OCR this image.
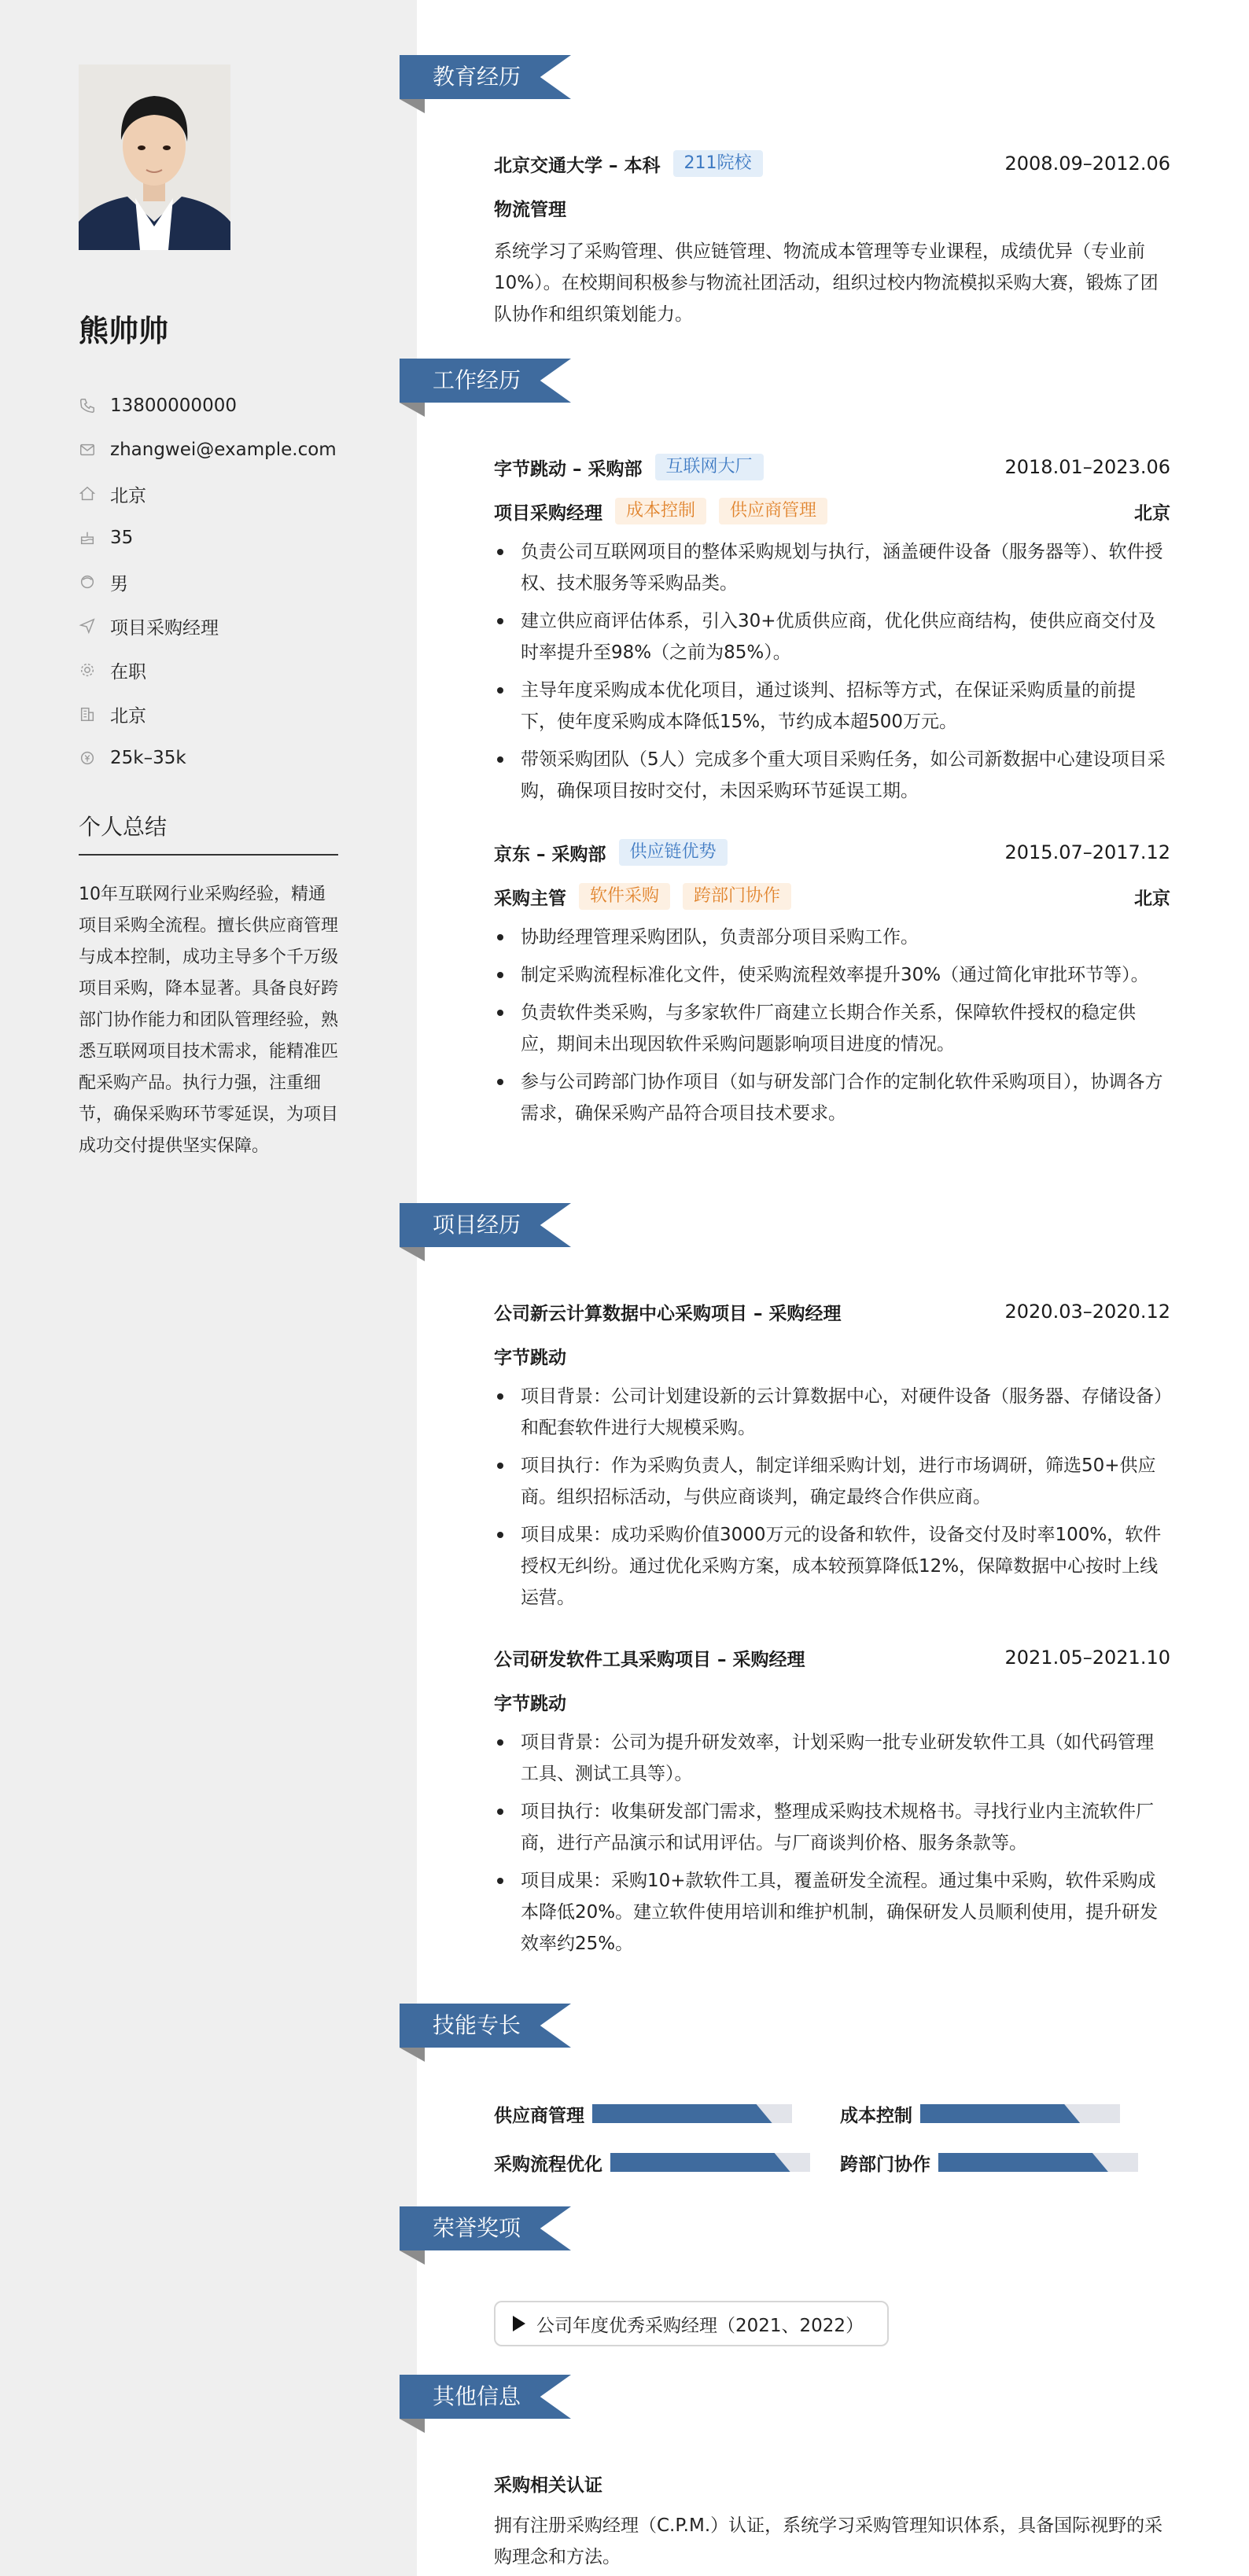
熊帅帅
13800000000
zhangwei@example.com
北京
35
男
项目采购经理
在职
北京
25k–35k
个人总结
10年互联网行业采购经验，精通项目采购全流程。擅长供应商管理与成本控制，成功主导多个千万级项目采购，降本显著。具备良好跨部门协作能力和团队管理经验，熟悉互联网项目技术需求，能精准匹配采购产品。执行力强，注重细节，确保采购环节零延误，为项目成功交付提供坚实保障。
教育经历
北京交通大学 – 本科	211院校	2008.09–2012.06
物流管理
系统学习了采购管理、供应链管理、物流成本管理等专业课程，成绩优异（专业前10%）。在校期间积极参与物流社团活动，组织过校内物流模拟采购大赛，锻炼了团队协作和组织策划能力。
工作经历
字节跳动 – 采购部	互联网大厂	2018.01–2023.06
项目采购经理	成本控制	供应商管理	北京
负责公司互联网项目的整体采购规划与执行，涵盖硬件设备（服务器等）、软件授权、技术服务等采购品类。
建立供应商评估体系，引入30+优质供应商，优化供应商结构，使供应商交付及时率提升至98%（之前为85%）。
主导年度采购成本优化项目，通过谈判、招标等方式，在保证采购质量的前提下，使年度采购成本降低15%，节约成本超500万元。
带领采购团队（5人）完成多个重大项目采购任务，如公司新数据中心建设项目采购，确保项目按时交付，未因采购环节延误工期。
京东 – 采购部	供应链优势	2015.07–2017.12
采购主管	软件采购	跨部门协作	北京
协助经理管理采购团队，负责部分项目采购工作。
制定采购流程标准化文件，使采购流程效率提升30%（通过简化审批环节等）。
负责软件类采购，与多家软件厂商建立长期合作关系，保障软件授权的稳定供应，期间未出现因软件采购问题影响项目进度的情况。
参与公司跨部门协作项目（如与研发部门合作的定制化软件采购项目），协调各方需求，确保采购产品符合项目技术要求。
项目经历
公司新云计算数据中心采购项目 – 采购经理	2020.03–2020.12
字节跳动
项目背景：公司计划建设新的云计算数据中心，对硬件设备（服务器、存储设备）和配套软件进行大规模采购。
项目执行：作为采购负责人，制定详细采购计划，进行市场调研，筛选50+供应商。组织招标活动，与供应商谈判，确定最终合作供应商。
项目成果：成功采购价值3000万元的设备和软件，设备交付及时率100%，软件授权无纠纷。通过优化采购方案，成本较预算降低12%，保障数据中心按时上线运营。
公司研发软件工具采购项目 – 采购经理	2021.05–2021.10
字节跳动
项目背景：公司为提升研发效率，计划采购一批专业研发软件工具（如代码管理工具、测试工具等）。
项目执行：收集研发部门需求，整理成采购技术规格书。寻找行业内主流软件厂商，进行产品演示和试用评估。与厂商谈判价格、服务条款等。
项目成果：采购10+款软件工具，覆盖研发全流程。通过集中采购，软件采购成本降低20%。建立软件使用培训和维护机制，确保研发人员顺利使用，提升研发效率约25%。
技能专长
供应商管理	成本控制
采购流程优化	跨部门协作
荣誉奖项
公司年度优秀采购经理（2021、2022）
其他信息
采购相关认证
拥有注册采购经理（C.P.M.）认证，系统学习采购管理知识体系，具备国际视野的采购理念和方法。
